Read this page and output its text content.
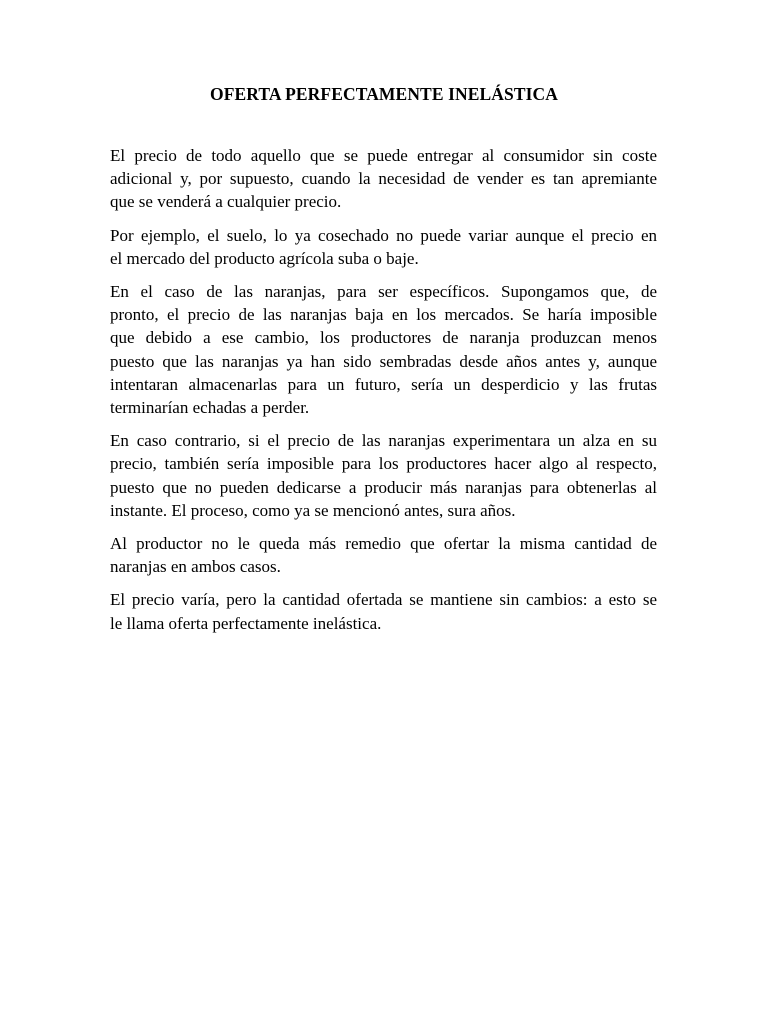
OFERTA PERFECTAMENTE INELÁSTICA

El precio de todo aquello que se puede entregar al consumidor sin coste
adicional y, por supuesto, cuando la necesidad de vender es tan apremiante
que se venderá a cualquier precio.

Por ejemplo, el suelo, lo ya cosechado no puede variar aunque el precio en
el mercado del producto agrícola suba o baje.

En el caso de las naranjas, para ser específicos. Supongamos que, de
pronto, el precio de las naranjas baja en los mercados. Se haría imposible
que debido a ese cambio, los productores de naranja produzcan menos
puesto que las naranjas ya han sido sembradas desde años antes y, aunque
intentaran almacenarlas para un futuro, sería un desperdicio y las frutas
terminarían echadas a perder.

En caso contrario, si el precio de las naranjas experimentara un alza en su
precio, también sería imposible para los productores hacer algo al respecto,
puesto que no pueden dedicarse a producir más naranjas para obtenerlas al
instante. El proceso, como ya se mencionó antes, sura años.

Al productor no le queda más remedio que ofertar la misma cantidad de
naranjas en ambos casos.

El precio varía, pero la cantidad ofertada se mantiene sin cambios: a esto se
le llama oferta perfectamente inelástica.
